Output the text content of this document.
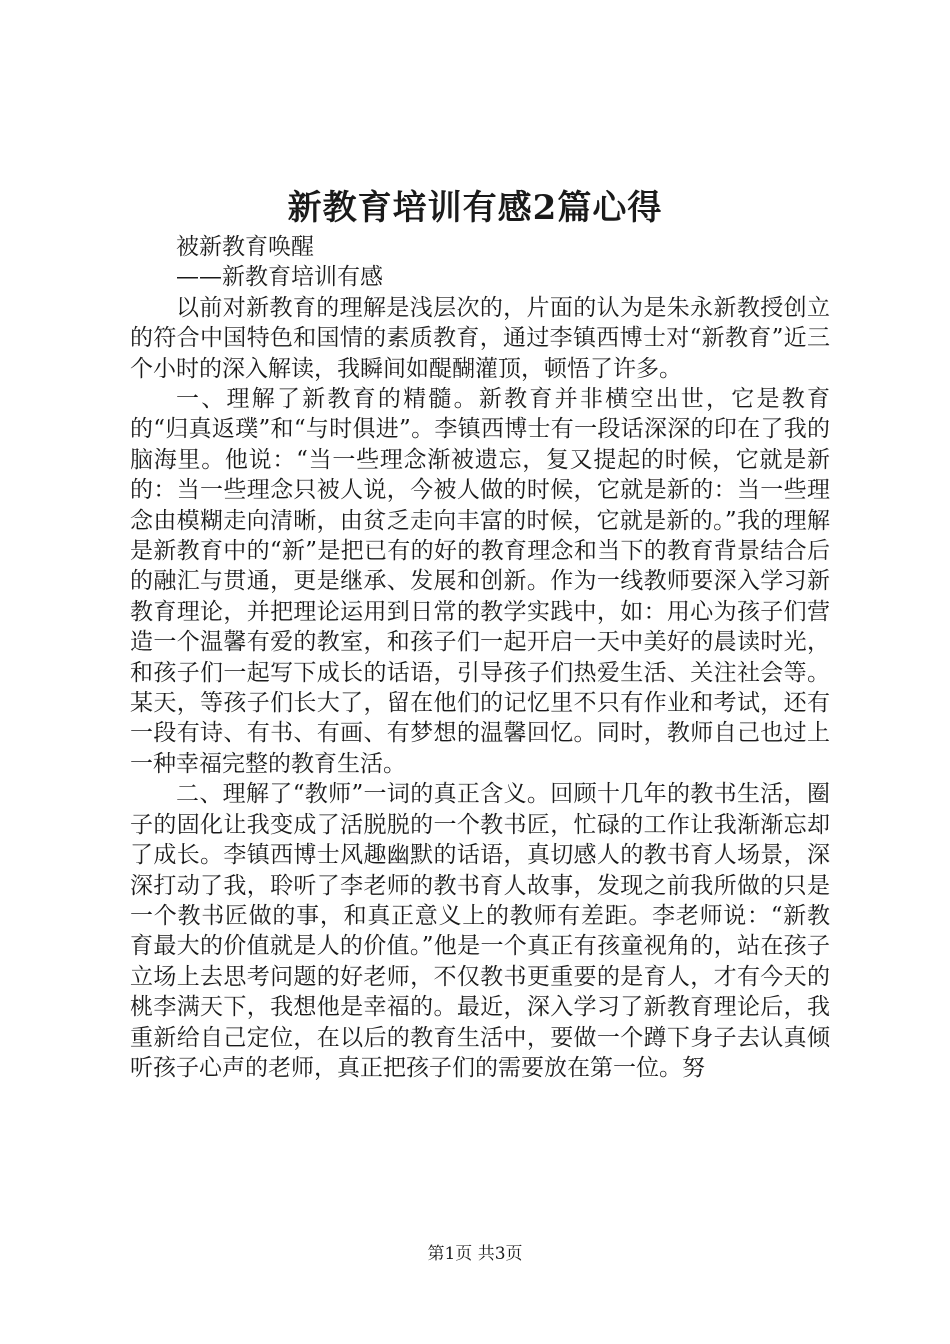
新教育培训有感2篇心得
被新教育唤醒
——新教育培训有感

以前对新教育的理解是浅层次的，片面的认为是朱永新教授创立的符合中国特色和国情的素质教育，通过李镇西博士对“新教育”近三个小时的深入解读，我瞬间如醍醐灌顶，顿悟了许多。

一、理解了新教育的精髓。新教育并非横空出世，它是教育的“归真返璞”和“与时俱进”。李镇西博士有一段话深深的印在了我的脑海里。他说：“当一些理念渐被遗忘，复又提起的时候，它就是新的：当一些理念只被人说，今被人做的时候，它就是新的：当一些理念由模糊走向清晰，由贫乏走向丰富的时候，它就是新的。”我的理解是新教育中的“新”是把已有的好的教育理念和当下的教育背景结合后的融汇与贯通，更是继承、发展和创新。作为一线教师要深入学习新教育理论，并把理论运用到日常的教学实践中，如：用心为孩子们营造一个温馨有爱的教室，和孩子们一起开启一天中美好的晨读时光，和孩子们一起写下成长的话语，引导孩子们热爱生活、关注社会等。某天，等孩子们长大了，留在他们的记忆里不只有作业和考试，还有一段有诗、有书、有画、有梦想的温馨回忆。同时，教师自己也过上一种幸福完整的教育生活。

二、理解了“教师”一词的真正含义。回顾十几年的教书生活，圈子的固化让我变成了活脱脱的一个教书匠，忙碌的工作让我渐渐忘却了成长。李镇西博士风趣幽默的话语，真切感人的教书育人场景，深深打动了我，聆听了李老师的教书育人故事，发现之前我所做的只是一个教书匠做的事，和真正意义上的教师有差距。李老师说：“新教育最大的价值就是人的价值。”他是一个真正有孩童视角的，站在孩子立场上去思考问题的好老师，不仅教书更重要的是育人，才有今天的桃李满天下，我想他是幸福的。最近，深入学习了新教育理论后，我重新给自己定位，在以后的教育生活中，要做一个蹲下身子去认真倾听孩子心声的老师，真正把孩子们的需要放在第一位。努

第1页 共3页
